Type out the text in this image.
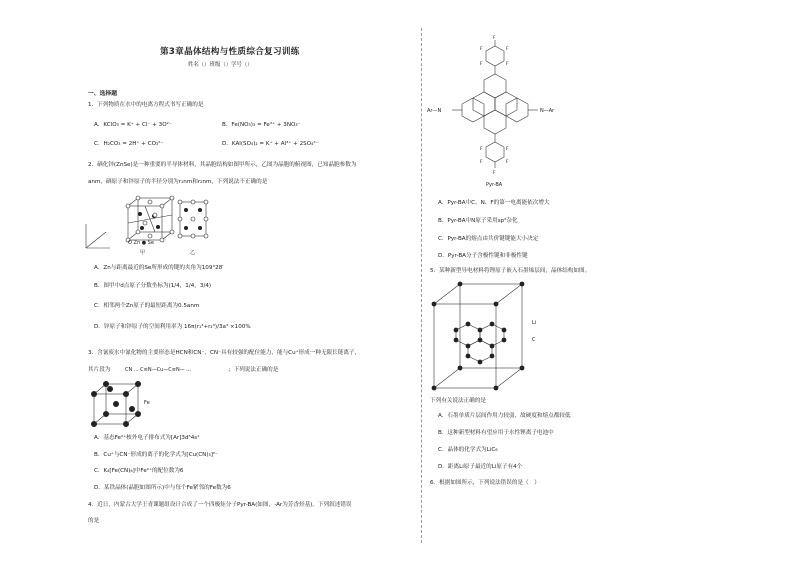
第3章晶体结构与性质综合复习训练
姓名（）班级（）学号（）
一、选择题
1．下列物质在水中的电离方程式书写正确的是
A．KClO₃ = K⁺ + Cl⁻ + 3O²⁻	B．Fe(NO₃)₃ = Fe³⁺ + 3NO₃⁻
C．H₂CO₃ = 2H⁺ + CO₃²⁻	D．KAl(SO₄)₂ = K⁺ + Al³⁺ + 2SO₄²⁻
2．硒化锌(ZnSe)是一种重要的半导体材料，其晶胞结构如图甲所示，乙图为晶胞的俯视图，已知晶胞参数为
anm，硒原子和锌原子的半径分别为r₁nm和r₂nm，下列说法不正确的是
O Zn ● Se
甲	乙
A．Zn与距离最近的Se所形成的键的夹角为109°28′
B．图甲中d点原子分数坐标为(1/4，1/4，3/4)
C．相邻两个Zn原子的最短距离为0.5anm
D．锌原子和锌原子的空间利用率为 16π(r₁³+r₂³)/3a³ ×100%
3．含氰废水中氰化物的主要形态是HCN和CN⁻，CN⁻具有较强的配位能力，能与Cu⁺形成一种无限长链离子，
其片段为	CN ... C≡N—Cu—C≡N— ...	；下列说法正确的是
Fe
A．基态Fe²⁺核外电子排布式为[Ar]3d⁵4s¹
B．Cu⁺与CN⁻形成的离子的化学式为[Cu(CN)₃]²⁻
C．K₄[Fe(CN)₆]中Fe²⁺的配位数为6
D．某铁晶体(晶胞如图所示)中与每个Fe紧邻的Fe数为6
4．近日，内蒙古大学王青课题组设计合成了一个四极矩分子Pyr-BA(如图，-Ar为芳香烃基)。下列叙述错误
的是
F
F	F
F	F
F	F
F	F
F
Ar—N	N—Ar
Pyr-BA
A．Pyr-BA中C、N、F的第一电离能依次增大
B．Pyr-BA中N原子采用sp²杂化
C．Pyr-BA的熔点由共价键键能大小决定
D．Pyr-BA分子含极性键和非极性键
5．某种新型导电材料将锂原子嵌入石墨烯层间，晶体结构如图。
Li
C
下列有关说法正确的是
A．石墨单质片层间作用力较弱，故硬度和熔点都较低
B．这种新型材料有望应用于水性锂离子电池中
C．晶体的化学式为LiC₆
D．距离Li原子最近的Li原子有4个
6．根据如图所示，下列说法错误的是（　）
